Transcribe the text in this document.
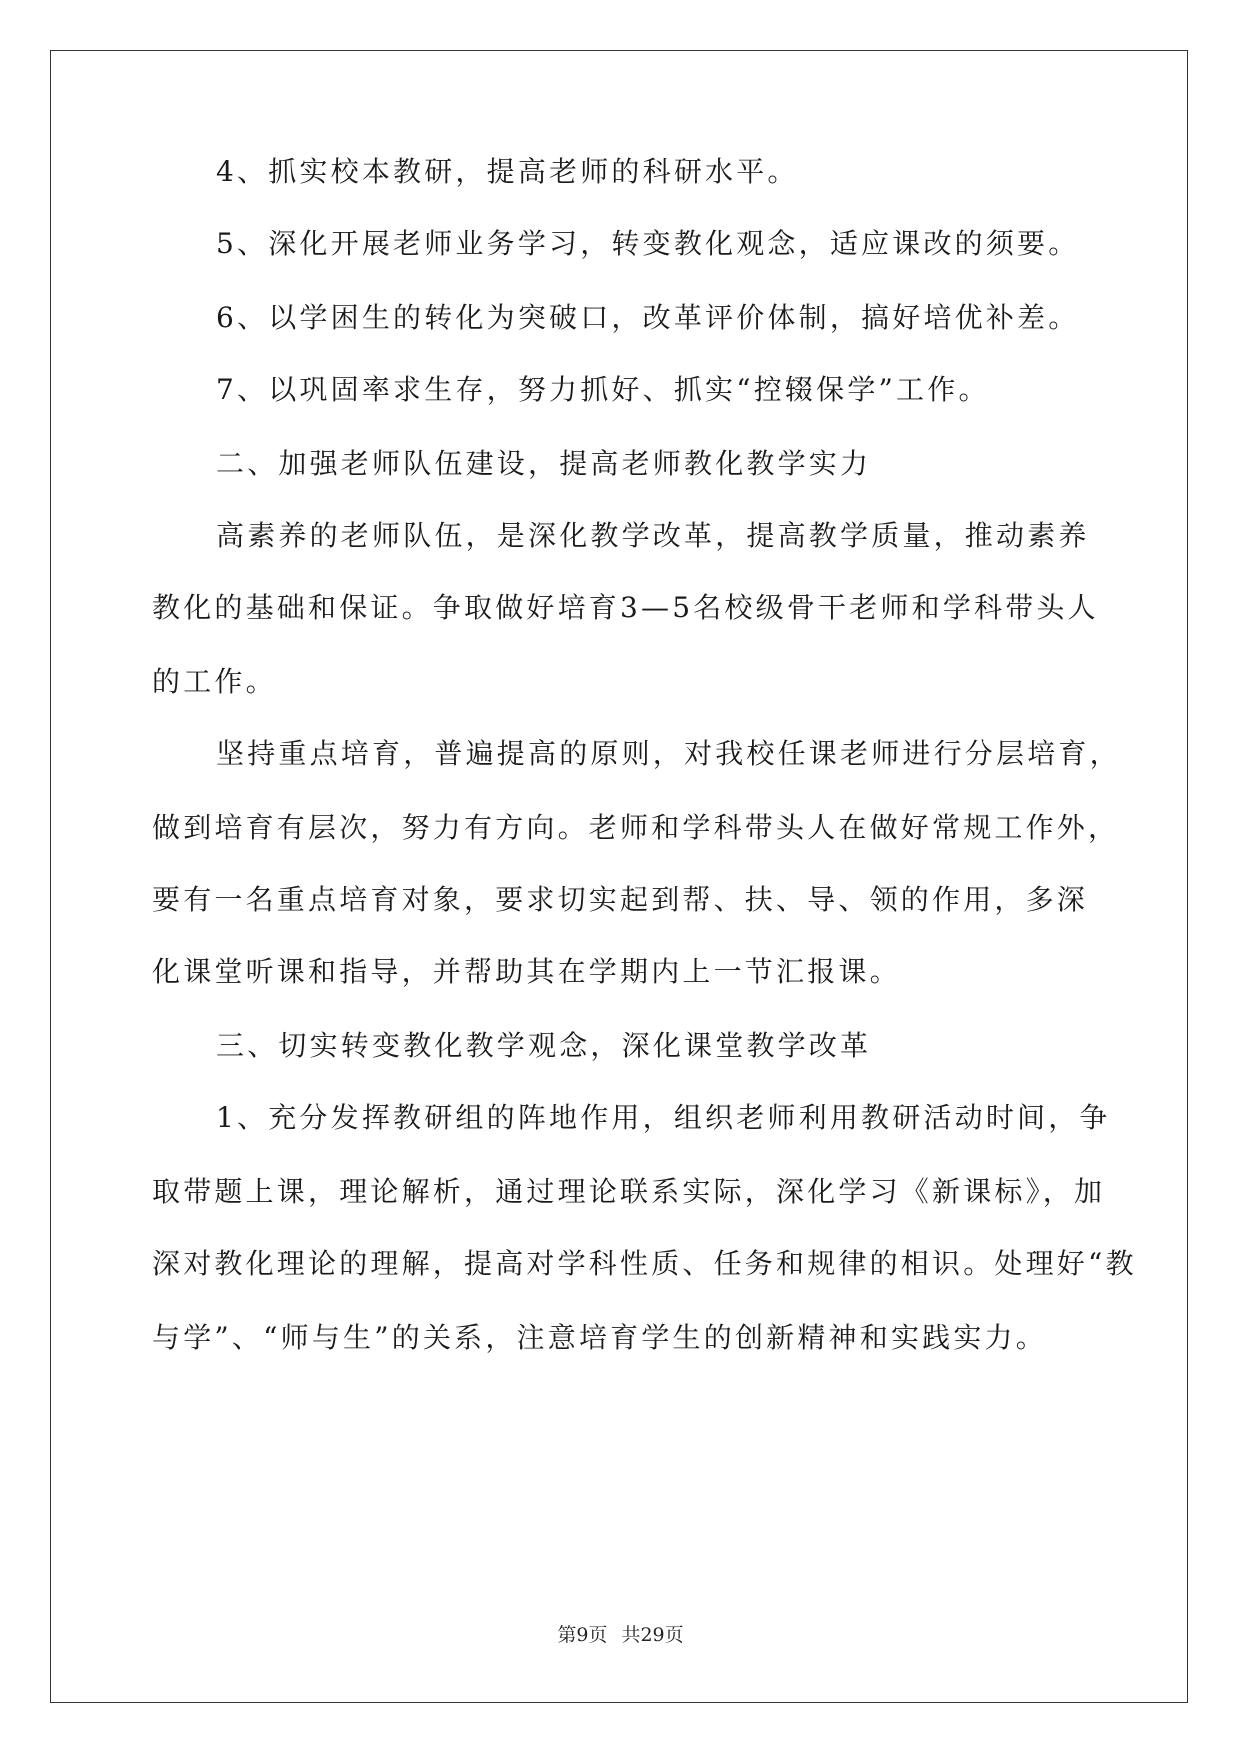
4、抓实校本教研，提高老师的科研水平。
5、深化开展老师业务学习，转变教化观念，适应课改的须要。
6、以学困生的转化为突破口，改革评价体制，搞好培优补差。
7、以巩固率求生存，努力抓好、抓实“控辍保学”工作。
二、加强老师队伍建设，提高老师教化教学实力
高素养的老师队伍，是深化教学改革，提高教学质量，推动素养
教化的基础和保证。争取做好培育3—5名校级骨干老师和学科带头人
的工作。
坚持重点培育，普遍提高的原则，对我校任课老师进行分层培育，
做到培育有层次，努力有方向。老师和学科带头人在做好常规工作外，
要有一名重点培育对象，要求切实起到帮、扶、导、领的作用，多深
化课堂听课和指导，并帮助其在学期内上一节汇报课。
三、切实转变教化教学观念，深化课堂教学改革
1、充分发挥教研组的阵地作用，组织老师利用教研活动时间，争
取带题上课，理论解析，通过理论联系实际，深化学习《新课标》，加
深对教化理论的理解，提高对学科性质、任务和规律的相识。处理好“教
与学”、“师与生”的关系，注意培育学生的创新精神和实践实力。
第9页 共29页
